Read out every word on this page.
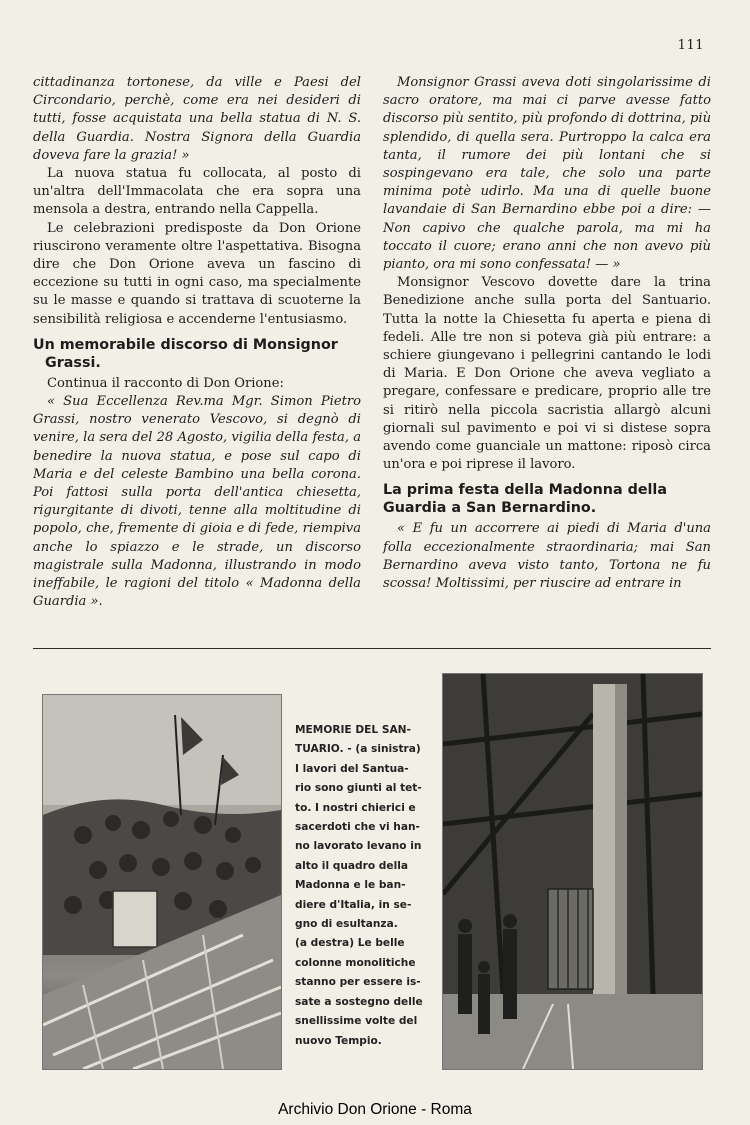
111

cittadinanza tortonese, da ville e Paesi del Circondario, perchè, come era nei desideri di tutti, fosse acquistata una bella statua di N. S. della Guardia. Nostra Signora della Guardia doveva fare la grazia! »

La nuova statua fu collocata, al posto di un'altra dell'Immacolata che era sopra una mensola a destra, entrando nella Cappella.

Le celebrazioni predisposte da Don Orione riuscirono veramente oltre l'aspettativa. Bisogna dire che Don Orione aveva un fascino di eccezione su tutti in ogni caso, ma specialmente su le masse e quando si trattava di scuoterne la sensibilità religiosa e accenderne l'entusiasmo.

Un memorabile discorso di Monsignor
Grassi.

Continua il racconto di Don Orione:

« Sua Eccellenza Rev.ma Mgr. Simon Pietro Grassi, nostro venerato Vescovo, si degnò di venire, la sera del 28 Agosto, vigilia della festa, a benedire la nuova statua, e pose sul capo di Maria e del celeste Bambino una bella corona. Poi fattosi sulla porta dell'antica chiesetta, rigurgitante di divoti, tenne alla moltitudine di popolo, che, fremente di gioia e di fede, riempiva anche lo spiazzo e le strade, un discorso magistrale sulla Madonna, illustrando in modo ineffabile, le ragioni del titolo « Madonna della Guardia ».

Monsignor Grassi aveva doti singolarissime di sacro oratore, ma mai ci parve avesse fatto discorso più sentito, più profondo di dottrina, più splendido, di quella sera. Purtroppo la calca era tanta, il rumore dei più lontani che si sospingevano era tale, che solo una parte minima potè udirlo. Ma una di quelle buone lavandaie di San Bernardino ebbe poi a dire: — Non capivo che qualche parola, ma mi ha toccato il cuore; erano anni che non avevo più pianto, ora mi sono confessata! — »

Monsignor Vescovo dovette dare la trina Benedizione anche sulla porta del Santuario. Tutta la notte la Chiesetta fu aperta e piena di fedeli. Alle tre non si poteva già più entrare: a schiere giungevano i pellegrini cantando le lodi di Maria. E Don Orione che aveva vegliato a pregare, confessare e predicare, proprio alle tre si ritirò nella piccola sacristia allargò alcuni giornali sul pavimento e poi vi si distese sopra avendo come guanciale un mattone: riposò circa un'ora e poi riprese il lavoro.

La prima festa della Madonna della Guardia a San Bernardino.

« E fu un accorrere ai piedi di Maria d'una folla eccezionalmente straordinaria; mai San Bernardino aveva visto tanto, Tortona ne fu scossa! Moltissimi, per riuscire ad entrare in

MEMORIE DEL SAN-
TUARIO. - (a sinistra)
I lavori del Santua-
rio sono giunti al tet-
to. I nostri chierici e
sacerdoti che vi han-
no lavorato levano in
alto il quadro della
Madonna e le ban-
diere d'Italia, in se-
gno di esultanza.
(a destra) Le belle
colonne monolitiche
stanno per essere is-
sate a sostegno delle
snellissime volte del
nuovo Tempio.
Archivio Don Orione - Roma
